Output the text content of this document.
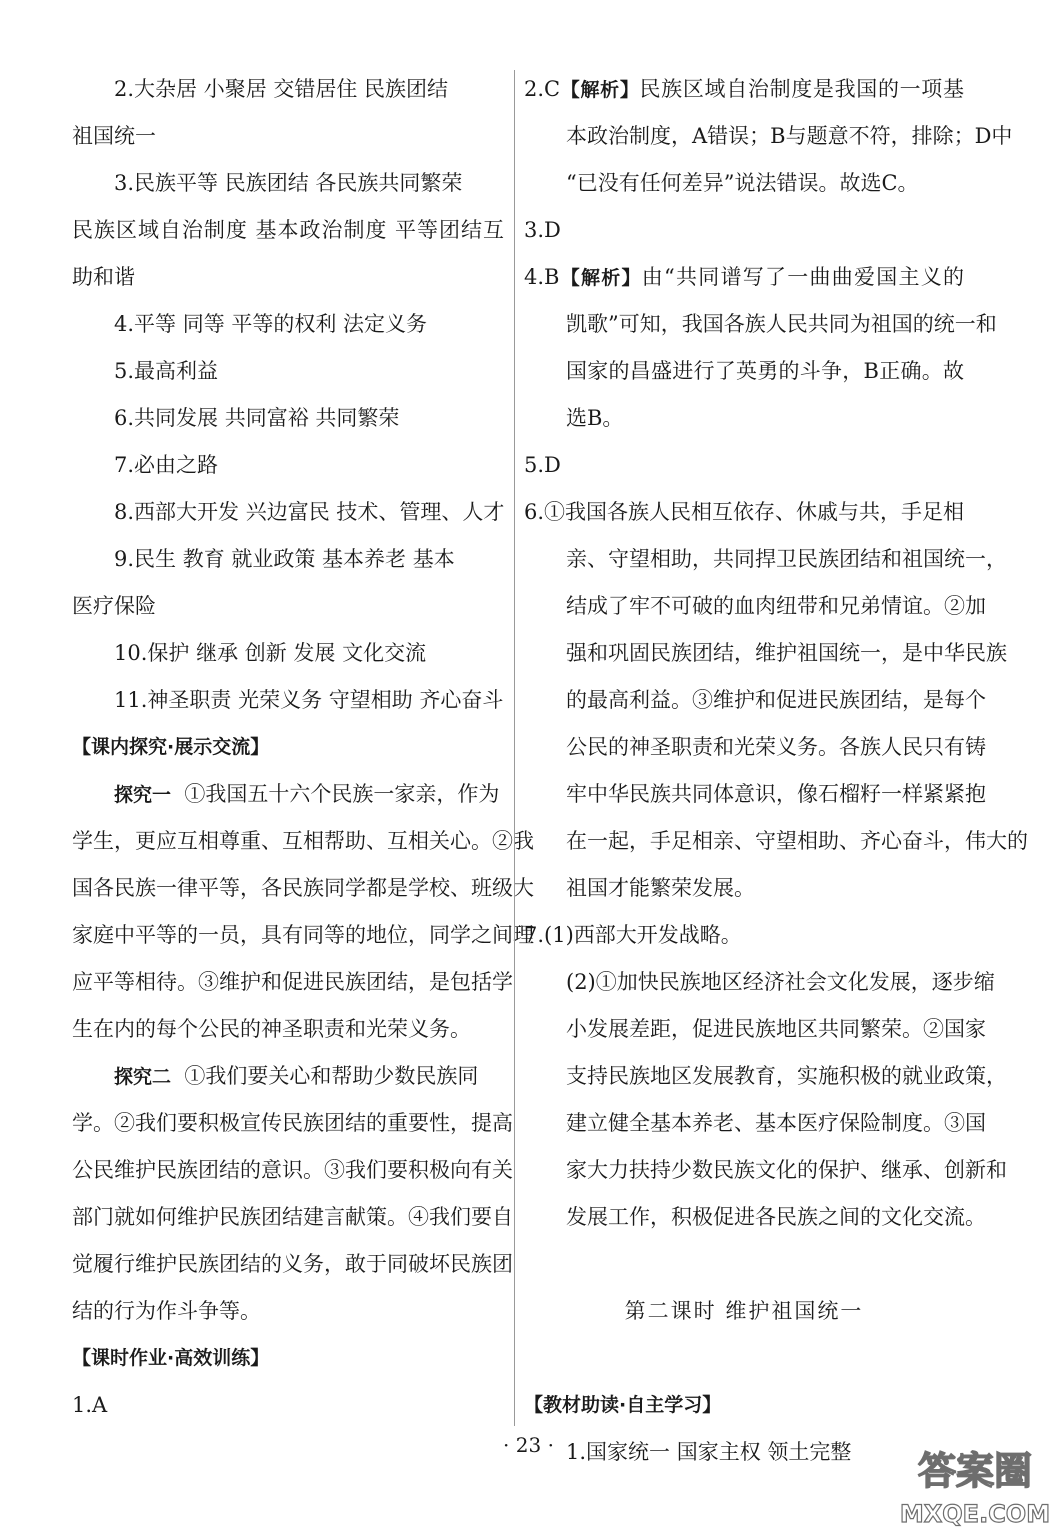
2.大杂居 小聚居 交错居住 民族团结
祖国统一
3.民族平等 民族团结 各民族共同繁荣
民族区域自治制度 基本政治制度 平等团结互
助和谐
4.平等 同等 平等的权利 法定义务
5.最高利益
6.共同发展 共同富裕 共同繁荣
7.必由之路
8.西部大开发 兴边富民 技术、管理、人才
9.民生 教育 就业政策 基本养老 基本
医疗保险
10.保护 继承 创新 发展 文化交流
11.神圣职责 光荣义务 守望相助 齐心奋斗
【课内探究·展示交流】
探究一 ①我国五十六个民族一家亲，作为
学生，更应互相尊重、互相帮助、互相关心。②我
国各民族一律平等，各民族同学都是学校、班级大
家庭中平等的一员，具有同等的地位，同学之间理
应平等相待。③维护和促进民族团结，是包括学
生在内的每个公民的神圣职责和光荣义务。
探究二 ①我们要关心和帮助少数民族同
学。②我们要积极宣传民族团结的重要性，提高
公民维护民族团结的意识。③我们要积极向有关
部门就如何维护民族团结建言献策。④我们要自
觉履行维护民族团结的义务，敢于同破坏民族团
结的行为作斗争等。
【课时作业·高效训练】
1.A
2.C【解析】民族区域自治制度是我国的一项基
本政治制度，A错误；B与题意不符，排除；D中
“已没有任何差异”说法错误。故选C。
3.D
4.B【解析】由“共同谱写了一曲曲爱国主义的
凯歌”可知，我国各族人民共同为祖国的统一和
国家的昌盛进行了英勇的斗争，B正确。故
选B。
5.D
6.①我国各族人民相互依存、休戚与共，手足相
亲、守望相助，共同捍卫民族团结和祖国统一，
结成了牢不可破的血肉纽带和兄弟情谊。②加
强和巩固民族团结，维护祖国统一，是中华民族
的最高利益。③维护和促进民族团结，是每个
公民的神圣职责和光荣义务。各族人民只有铸
牢中华民族共同体意识，像石榴籽一样紧紧抱
在一起，手足相亲、守望相助、齐心奋斗，伟大的
祖国才能繁荣发展。
7.(1)西部大开发战略。
(2)①加快民族地区经济社会文化发展，逐步缩
小发展差距，促进民族地区共同繁荣。②国家
支持民族地区发展教育，实施积极的就业政策，
建立健全基本养老、基本医疗保险制度。③国
家大力扶持少数民族文化的保护、继承、创新和
发展工作，积极促进各民族之间的文化交流。
第二课时 维护祖国统一
【教材助读·自主学习】
1.国家统一 国家主权 领土完整
· 23 ·
答案圈
MXQE.COM
